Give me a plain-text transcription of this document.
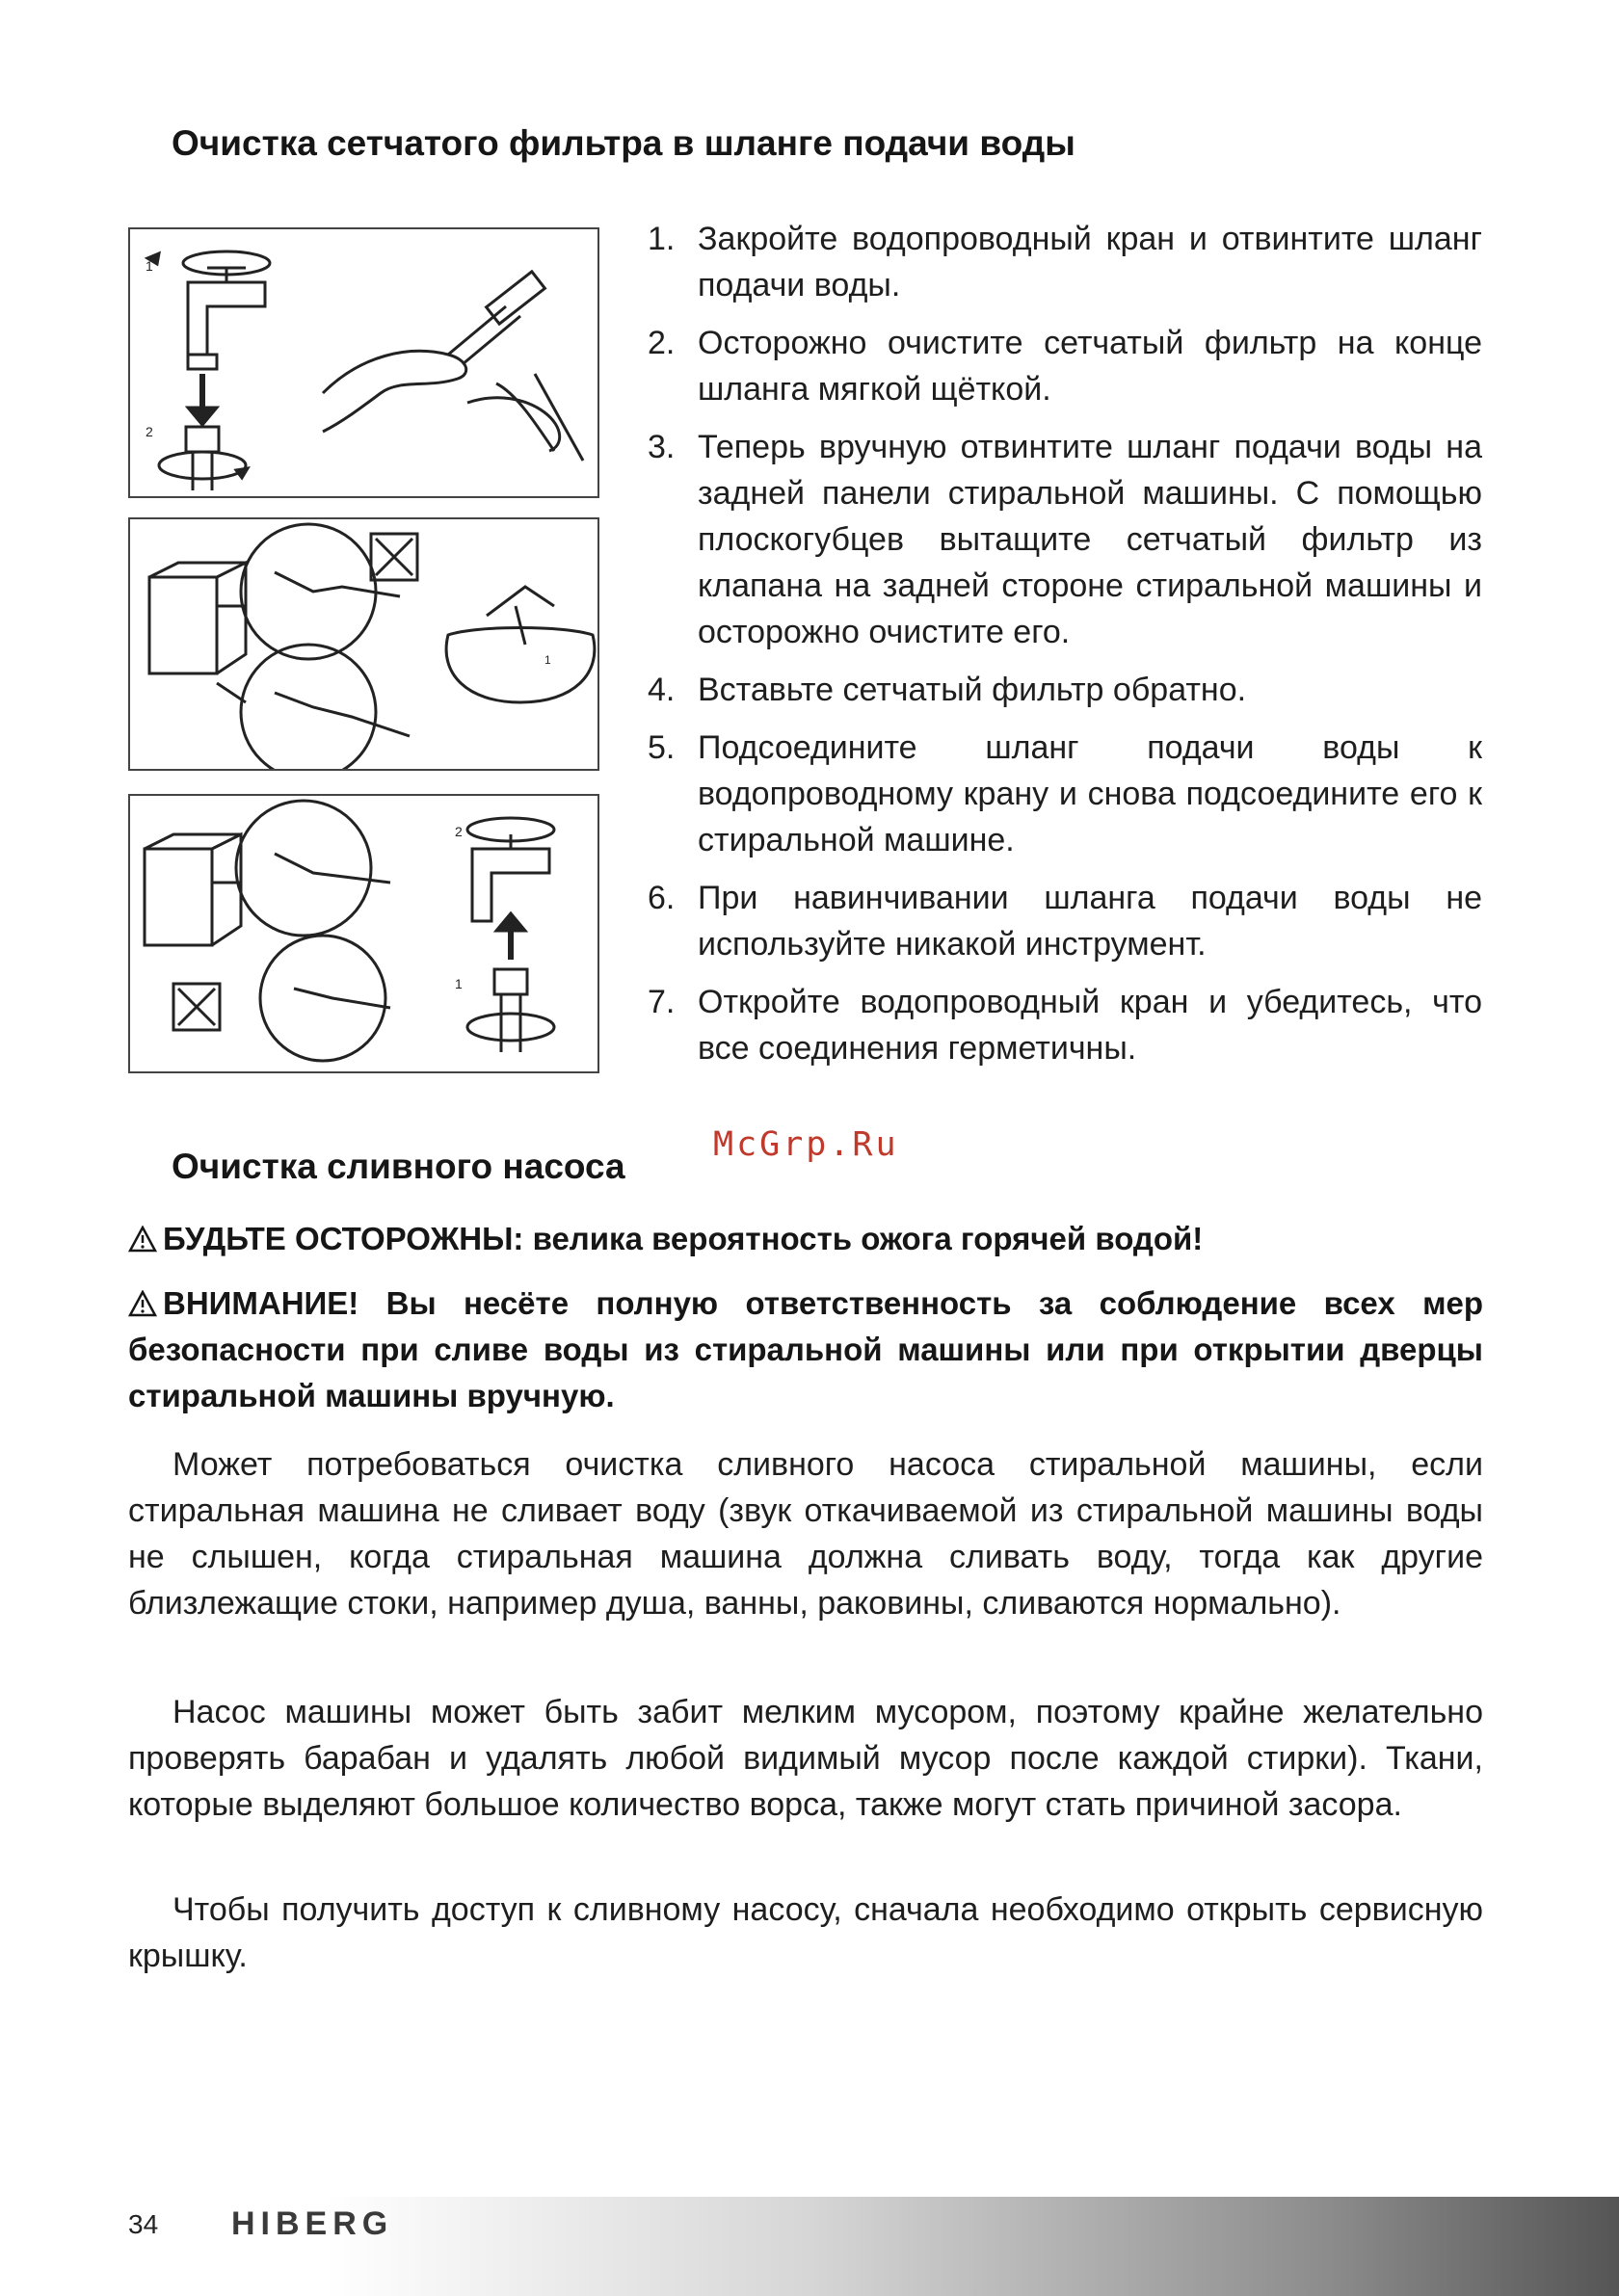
Очистка сетчатого фильтра в шланге подачи воды
1
2
1
2
1
1. Закройте водопроводный кран и отвинтите шланг подачи воды.
2. Осторожно очистите сетчатый фильтр на конце шланга мягкой щёткой.
3. Теперь вручную отвинтите шланг подачи воды на задней панели стиральной машины. С помощью плоскогубцев вытащите сетчатый фильтр из клапана на задней стороне стиральной машины и осторожно очистите его.
4. Вставьте сетчатый фильтр обратно.
5. Подсоедините шланг подачи воды к водопроводному крану и снова подсоедините его к стиральной машине.
6. При навинчивании шланга подачи воды не используйте никакой инструмент.
7. Откройте водопроводный кран и убедитесь, что все соединения герметичны.
McGrp.Ru
Очистка сливного насоса

БУДЬТЕ ОСТОРОЖНЫ: велика вероятность ожога горячей водой!

ВНИМАНИЕ! Вы несёте полную ответственность за соблюдение всех мер безопасности при сливе воды из стиральной машины или при открытии дверцы стиральной машины вручную.

Может потребоваться очистка сливного насоса стиральной машины, если стиральная машина не сливает воду (звук откачиваемой из стиральной машины воды не слышен, когда стиральная машина должна сливать воду, тогда как другие близлежащие стоки, например душа, ванны, раковины, сливаются нормально).

Насос машины может быть забит мелким мусором, поэтому крайне желательно проверять барабан и удалять любой видимый мусор после каждой стирки). Ткани, которые выделяют большое количество ворса, также могут стать причиной засора.

Чтобы получить доступ к сливному насосу, сначала необходимо открыть сервисную крышку.

34 HIBERG
